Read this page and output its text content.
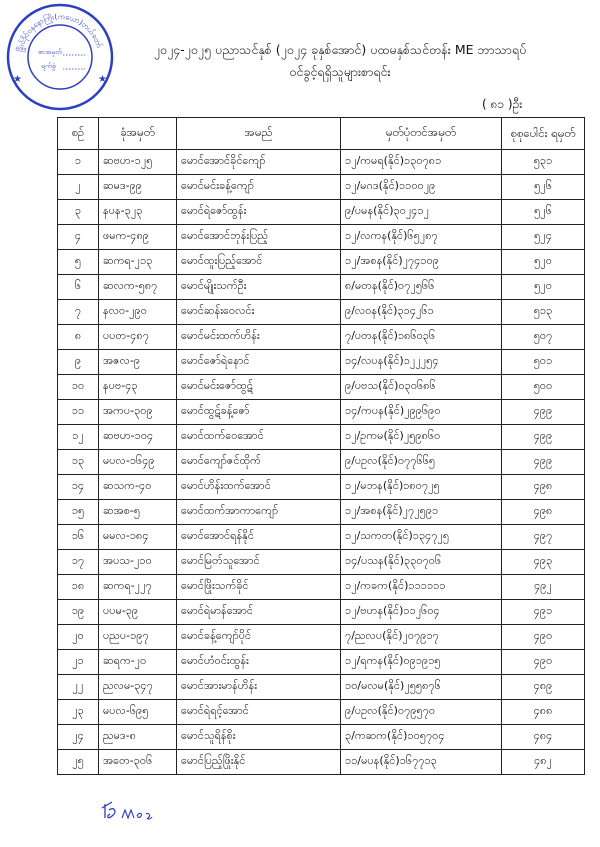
ခြိုးဝ်ဒိုင်ဝနှနောကြိုး(ကယော)တယ်တော်
စာအမှတ်
ရက်စွဲ
★	★
၂၀၂၄-၂၀၂၅ ပညာသင်နှစ် (၂၀၂၄ ခုနှစ်အောင်) ပထမနှစ်သင်တန်း ME ဘာသာရပ်
ဝင်ခွင့်ရရှိသူများစာရင်း
( ၈၁ )ဦး
စဉ်	ခုံအမှတ်	အမည်	မှတ်ပုံတင်အမှတ်	စုစုပေါင်း ရမှတ်
၁	ဆဗဟ-၁၂၅	မောင်အောင်ခိုင်ကျော်	၁၂/ကမရ(နိုင်)၁၃၀၇၈၁	၅၃၁
၂	ဆမဒ-၉၉	မောင်မင်းခန့်ကျော်	၁၂/မဂဒ(နိုင်)၁၁၀၀၂၉	၅၂၆
၃	နပန-၃၂၃	မောင်ရဲဇော်ထွန်း	၉/ပမန(နိုင်)၃၀၂၄၁၂	၅၂၆
၄	ဖမက-၄၈၉	မောင်အောင်ဘုန်းပြည့်	၁၂/လကန(နိုင်)၆၅၂၈၇	၅၂၄
၅	ဆကရ-၂၁၃	မောင်ထူးပြည့်အောင်	၁၂/အစန(နိုင်)၂၇၄၁၀၉	၅၂၀
၆	ဆလက-၅၈၇	မောင်မျိုးသက်ဦး	၈/မတန(နိုင်)၀၇၂၅၆၆	၅၂၀
၇	နလဝ-၂၉၀	မောင်ဆန်းဝေလင်း	၉/လဝန(နိုင်)၃၁၄၂၆၁	၅၁၃
၈	ပပတ-၄၈၇	မောင်မင်းထက်ဟိန်း	၇/ပတန(နိုင်)၁၈၆၀၃၆	၅၀၇
၉	အဇလ-၉	မောင်ဇော်ရဲနောင်	၁၄/လပန(နိုင်)၁၂၂၂၅၄	၅၀၁
၁၀	နပဗ-၄၃	မောင်မင်းဇော်ထွဋ်	၉/ပဗသ(နိုင်)၀၃၀၆၈၆	၅၀၀
၁၁	အကပ-၃၀၉	မောင်ထွဋ်ခန့်ဇော်	၁၄/ကပန(နိုင်)၂၉၉၆၉၀	၄၉၉
၁၂	ဆဗဟ-၁၀၄	မောင်ထက်ဝေအောင်	၁၂/ဥကမ(နိုင်)၂၅၉၈၆၀	၄၉၉
၁၃	မပလ-၁၆၄၉	မောင်ကျော်ဇင်ထိုက်	၉/ပဥလ(နိုင်)၀၇၇၆၆၅	၄၉၉
၁၄	ဆသက-၄၀	မောင်ဟိန်းထက်အောင်	၁၂/မဘန(နိုင်)၁၈၀၇၂၅	၄၉၈
၁၅	ဆအစ-၅	မောင်ထက်အာကာကျော်	၁၂/အစန(နိုင်)၂၇၂၅၉၁	၄၉၈
၁၆	မမလ-၁၈၄	မောင်အောင်ရန်နိုင်	၁၂/သကတ(နိုင်)၁၃၄၇၂၅	၄၉၇
၁၇	အပသ-၂၁၀	မောင်မြတ်သူအောင်	၁၄/ပသန(နိုင်)၃၃၀၇၀၆	၄၉၃
၁၈	ဆကရ-၂၂၇	မောင်ဖြိုးသက်ခိုင်	၁၂/ကခက(နိုင်)၁၁၁၁၁၁	၄၉၂
၁၉	ပပမ-၃၉	မောင်ရဲမာန်အောင်	၁၂/ဗဟန(နိုင်)၁၁၂၆၀၄	၄၉၁
၂၀	ပညပ-၁၉၇	မောင်ခန့်ကျော်ပိုင်	၇/ညလပ(နိုင်)၂၀၇၉၁၇	၄၉၀
၂၁	ဆရက-၂၀	မောင်ဟံဝင်းထွန်း	၁၂/ရကန(နိုင်)၀၉၁၉၁၅	၄၉၀
၂၂	ညလမ-၃၄၇	မောင်အားမာန်ဟိန်း	၁၀/မလမ(နိုင်)၂၅၅၈၇၆	၄၈၉
၂၃	မပလ-၆၉၅	မောင်ရဲရင့်အောင်	၉/ပဥလ(နိုင်)၀၇၉၅၇၀	၄၈၈
၂၄	ညမဒ-၈	မောင်သူရိန်စိုး	၃/ကဆက(နိုင်)၁၀၅၇၀၄	၄၈၄
၂၅	အတေ-၃၀၆	မောင်ပြည့်ဖြိုးနိုင်	၁၁/မပန(နိုင်)၁၆၇၇၁၃	၄၈၂
